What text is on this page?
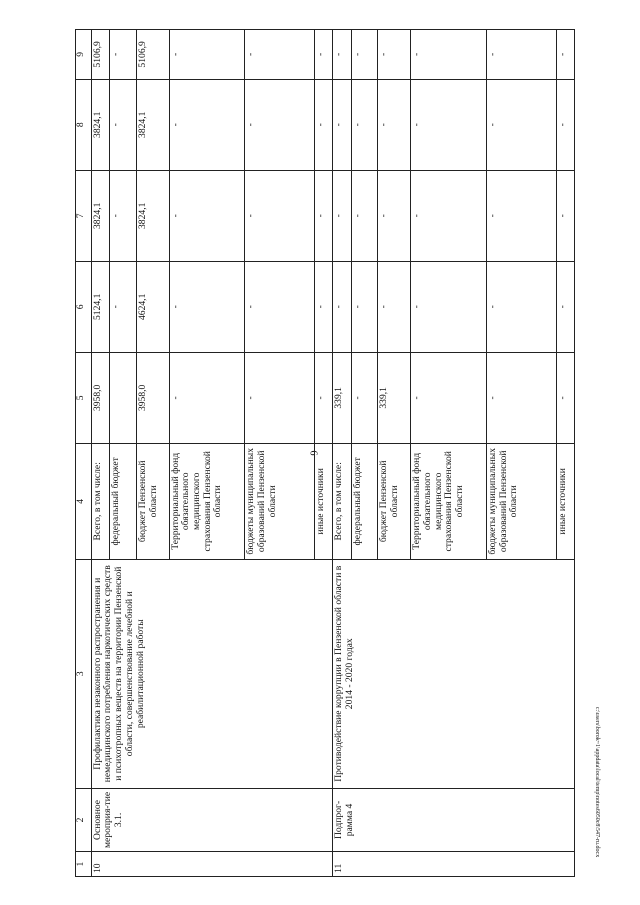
6
1	2	3	4	5	6	7	8	9
10	Основное мероприя-тие 3.1.	Профилактика незаконного распространения и немедицинского потребления наркотических средств и психотропных веществ на территории Пензенской области, совершенствование лечебной и реабилитационной работы	Всего, в том числе:	3958,0	5124,1	3824,1	3824,1	5106,9
			федеральный бюджет		-	-	-	-
			бюджет Пензенской области	3958,0	4624,1	3824,1	3824,1	5106,9
			Территориальный фонд обязательного медицинского страхования Пензенской области	-	-	-	-	-
			бюджеты муниципальных образований Пензенской области	-	-	-	-	-
			иные источники	-	-	-	-	-
11	Подпрог-рамма 4	Противодействие коррупции в Пензенской области в 2014 - 2020 годах	Всего, в том числе:	339,1	-	-	-	-
			федеральный бюджет	-	-	-	-	-
			бюджет Пензенской области	339,1	-	-	-	-
			Территориальный фонд обязательного медицинского страхования Пензенской области	-	-	-	-	-
			бюджеты муниципальных образований Пензенской области	-	-	-	-	-
			иные источники	-	-	-	-	-
c:\users\borok~1\appdata\local\temp\notes6050c8\547-ru.docx
